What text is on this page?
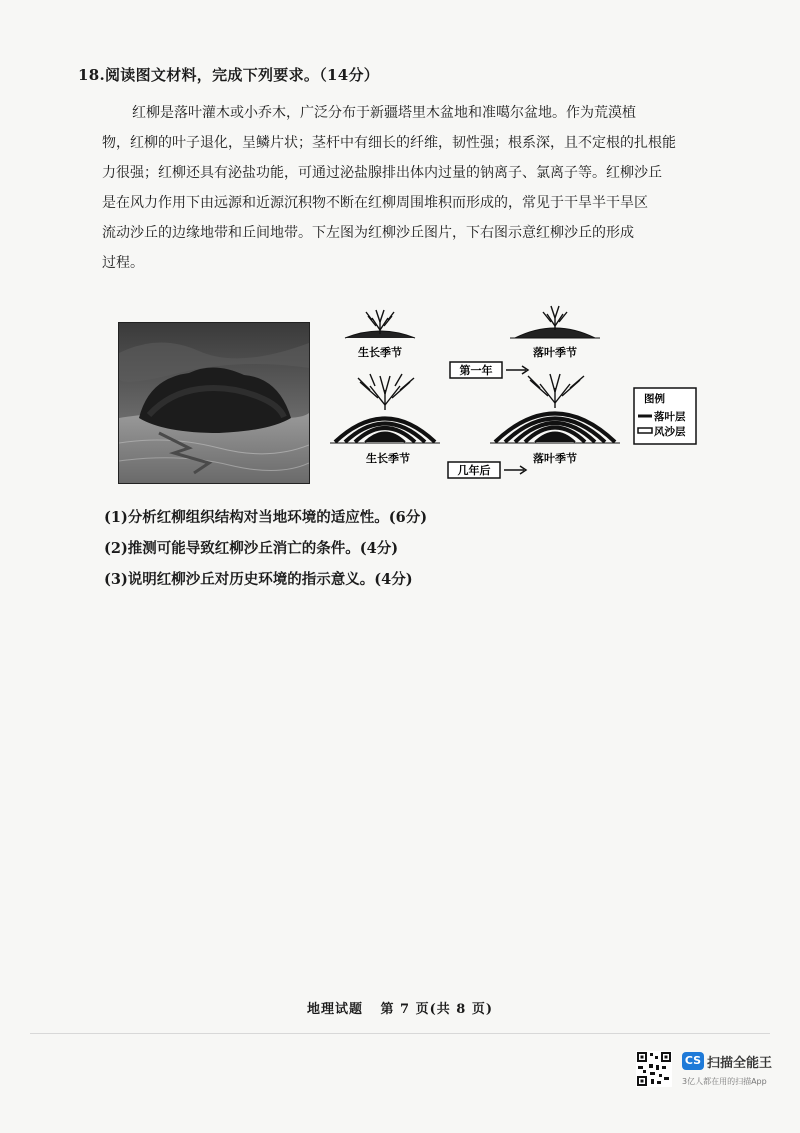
18.阅读图文材料，完成下列要求。（14分）

红柳是落叶灌木或小乔木，广泛分布于新疆塔里木盆地和准噶尔盆地。作为荒漠植

物，红柳的叶子退化，呈鳞片状；茎杆中有细长的纤维，韧性强；根系深，且不定根的扎根能

力很强；红柳还具有泌盐功能，可通过泌盐腺排出体内过量的钠离子、氯离子等。红柳沙丘

是在风力作用下由远源和近源沉积物不断在红柳周围堆积而形成的，常见于干旱半干旱区

流动沙丘的边缘地带和丘间地带。下左图为红柳沙丘图片，下右图示意红柳沙丘的形成

过程。

生长季节	落叶季节
第一年
生长季节	落叶季节
几年后
图例
落叶层
风沙层
(1)分析红柳组织结构对当地环境的适应性。(6分)
(2)推测可能导致红柳沙丘消亡的条件。(4分)
(3)说明红柳沙丘对历史环境的指示意义。(4分)
地理试题 第 7 页(共 8 页)
CS 扫描全能王
3亿人都在用的扫描App
